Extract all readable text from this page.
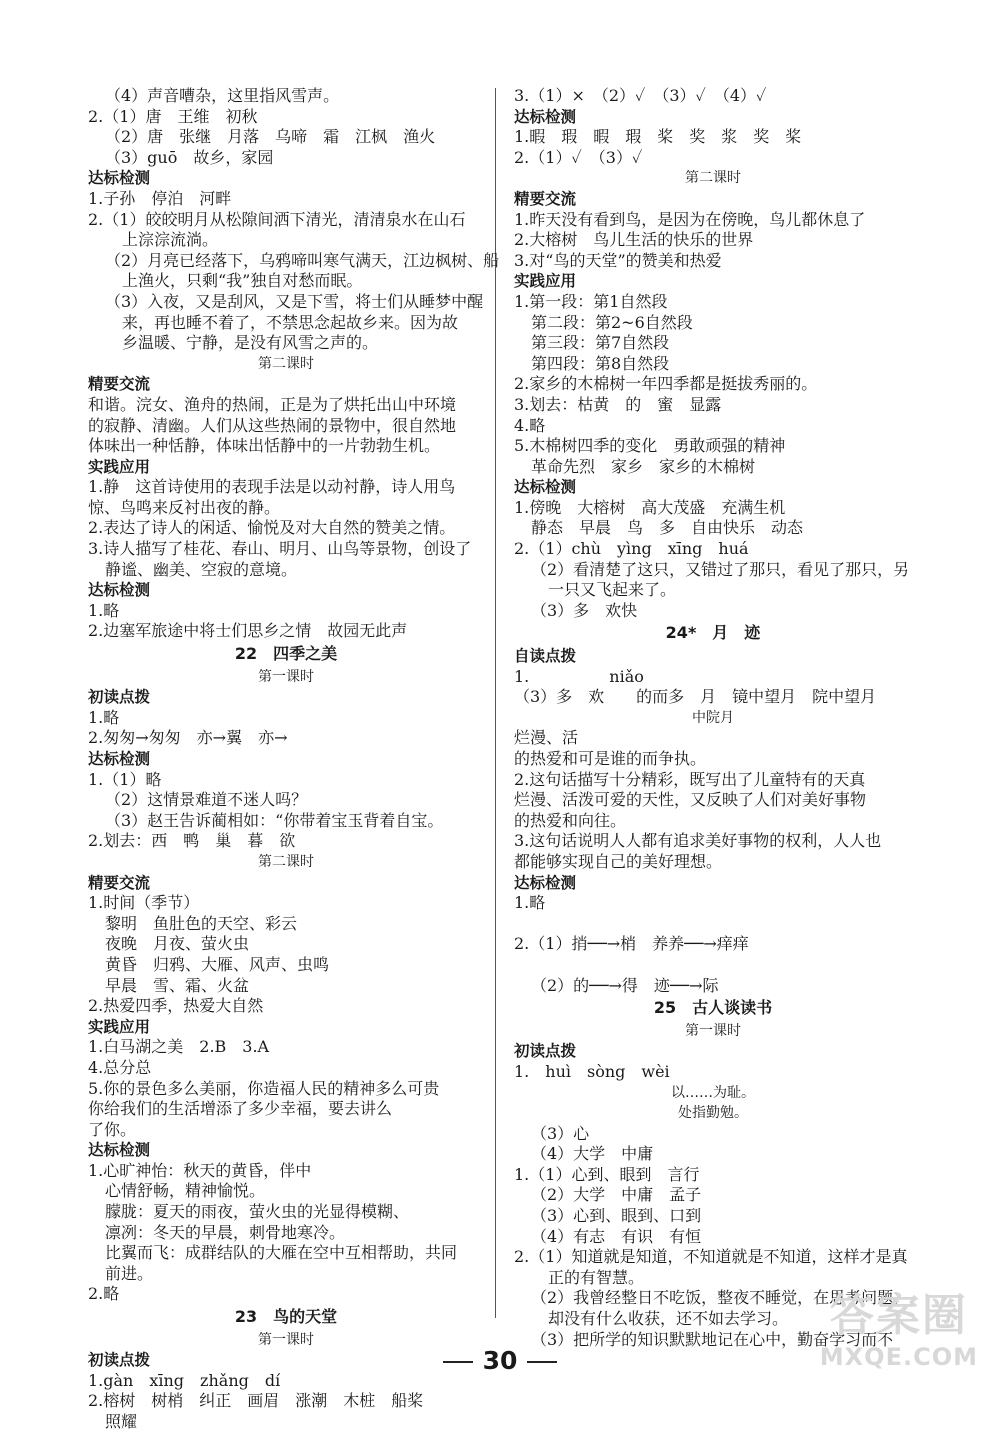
（4）声音嘈杂，这里指风雪声。
2.（1）唐　王维　初秋
（2）唐　张继　月落　乌啼　霜　江枫　渔火
（3）guō　故乡，家园
达标检测
1.子孙　停泊　河畔
2.（1）皎皎明月从松隙间洒下清光，清清泉水在山石
上淙淙流淌。
（2）月亮已经落下，乌鸦啼叫寒气满天，江边枫树、船
上渔火，只剩“我”独自对愁而眠。
（3）入夜，又是刮风，又是下雪，将士们从睡梦中醒
来，再也睡不着了，不禁思念起故乡来。因为故
乡温暖、宁静，是没有风雪之声的。
第二课时
精要交流
和谐。浣女、渔舟的热闹，正是为了烘托出山中环境
的寂静、清幽。人们从这些热闹的景物中，很自然地
体味出一种恬静，体味出恬静中的一片勃勃生机。
实践应用
1.静　这首诗使用的表现手法是以动衬静，诗人用鸟
惊、鸟鸣来反衬出夜的静。
2.表达了诗人的闲适、愉悦及对大自然的赞美之情。
3.诗人描写了桂花、春山、明月、山鸟等景物，创设了
静谧、幽美、空寂的意境。
达标检测
1.略
2.边塞军旅途中将士们思乡之情　故园无此声
22　四季之美
第一课时
初读点拨
1.略
2.匆匆→匆匆　亦→翼　亦→
达标检测
1.（1）略
（2）这情景难道不迷人吗？
（3）赵王告诉蔺相如：“你带着宝玉背着自宝。
2.划去：西　鸭　巢　暮　欲
第二课时
精要交流
1.时间（季节）
黎明　鱼肚色的天空、彩云
夜晚　月夜、萤火虫
黄昏　归鸦、大雁、风声、虫鸣
早晨　雪、霜、火盆
2.热爱四季，热爱大自然
实践应用
1.白马湖之美　2.B　3.A
4.总分总
5.你的景色多么美丽，你造福人民的精神多么可贵
你给我们的生活增添了多少幸福，要去讲么
了你。
达标检测
1.心旷神怡：秋天的黄昏，伴中
心情舒畅，精神愉悦。
朦胧：夏天的雨夜，萤火虫的光显得模糊、
凛冽：冬天的早晨，刺骨地寒冷。
比翼而飞：成群结队的大雁在空中互相帮助，共同
前进。
2.略
23　鸟的天堂
第一课时
初读点拨
1.gàn　xīng　zhǎng　dí
2.榕树　树梢　纠正　画眉　涨潮　木桩　船桨
照耀
3.（1）×　（2）✓　（3）✓　（4）✓
达标检测
1.暇　瑕　暇　瑕　桨　奖　浆　奖　桨
2.（1）✓　（3）✓
第二课时
精要交流
1.昨天没有看到鸟，是因为在傍晚，鸟儿都休息了
2.大榕树　鸟儿生活的快乐的世界
3.对“鸟的天堂”的赞美和热爱
实践应用
1.第一段：第1自然段
第二段：第2~6自然段
第三段：第7自然段
第四段：第8自然段
2.家乡的木棉树一年四季都是挺拔秀丽的。
3.划去：枯黄　的　蜜　显露
4.略
5.木棉树四季的变化　勇敢顽强的精神
革命先烈　家乡　家乡的木棉树
达标检测
1.傍晚　大榕树　高大茂盛　充满生机
静态　早晨　鸟　多　自由快乐　动态
2.（1）chù　yìng　xīng　huá
（2）看清楚了这只，又错过了那只，看见了那只，另
一只又飞起来了。
（3）多　欢快
24*　月　迹
自读点拨
1.　　　　　niǎo
（3）多　欢　　的而多　月　镜中望月　院中望月
中院月
烂漫、活
的热爱和可是谁的而争执。
2.这句话描写十分精彩，既写出了儿童特有的天真
烂漫、活泼可爱的天性，又反映了人们对美好事物
的热爱和向往。
3.这句话说明人人都有追求美好事物的权利，人人也
都能够实现自己的美好理想。
达标检测
1.略

2.（1）捎──→梢　养养──→痒痒

（2）的──→得　迹──→际
25　古人谈读书
第一课时
初读点拨
1.　huì　sòng　wèi
以……为耻。
处指勤勉。
（3）心
（4）大学　中庸
1.（1）心到、眼到　言行
（2）大学　中庸　孟子
（3）心到、眼到、口到
（4）有志　有识　有恒
2.（1）知道就是知道，不知道就是不知道，这样才是真
正的有智慧。
（2）我曾经整日不吃饭，整夜不睡觉，在思考问题，
却没有什么收获，还不如去学习。
（3）把所学的知识默默地记在心中，勤奋学习而不
30
答案圈
MXQE.COM
